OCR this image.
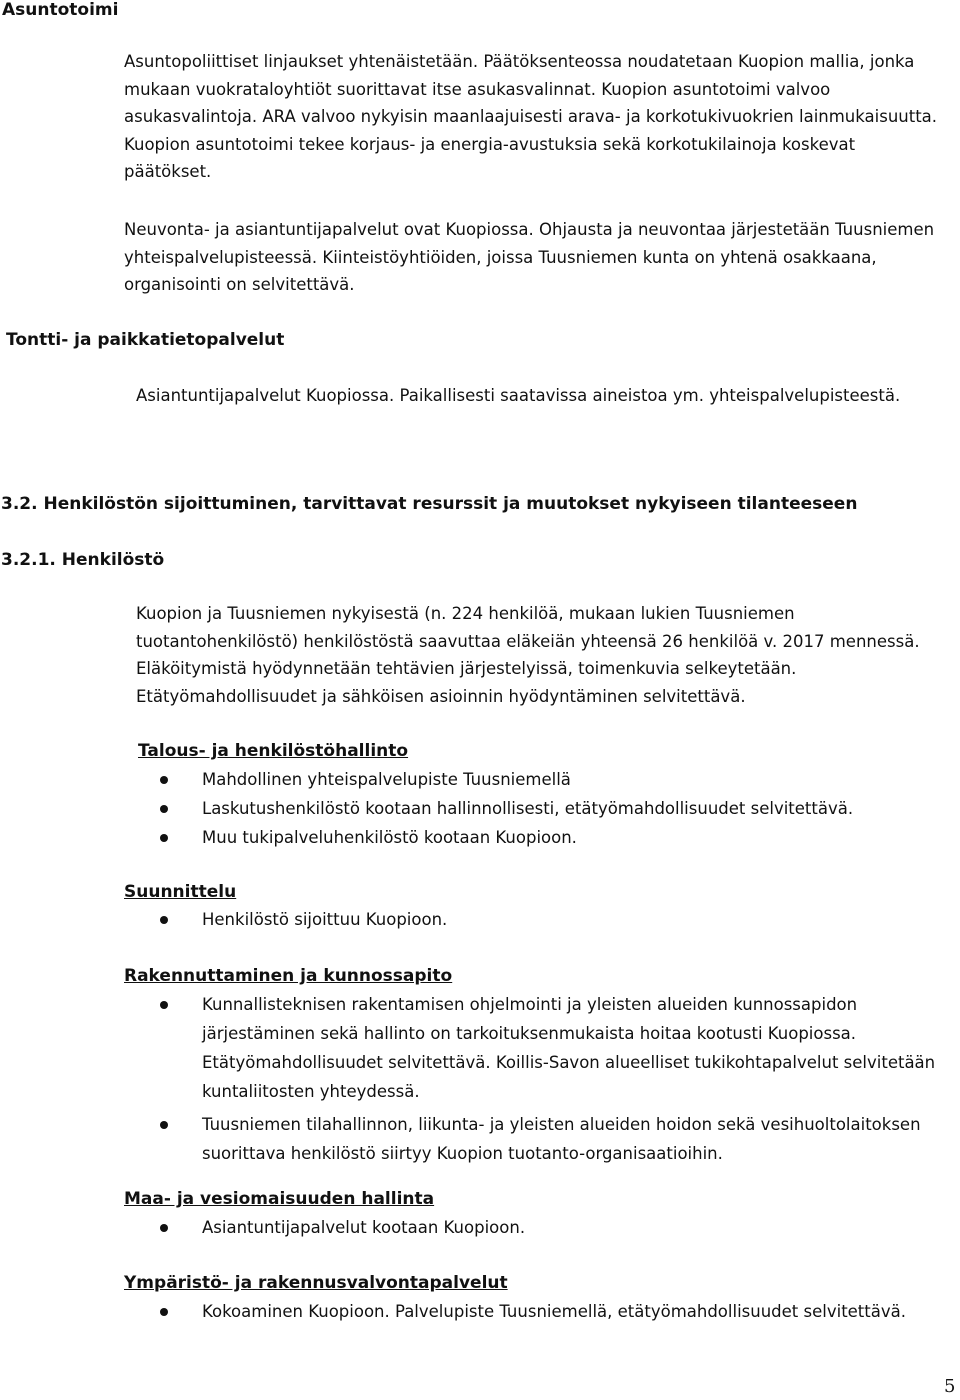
Asuntotoimi
Asuntopoliittiset linjaukset yhtenäistetään. Päätöksenteossa noudatetaan Kuopion mallia, jonka mukaan vuokrataloyhtiöt suorittavat itse asukasvalinnat. Kuopion asuntotoimi valvoo asukasvalintoja. ARA valvoo nykyisin maanlaajuisesti arava- ja korkotukivuokrien lainmukaisuutta. Kuopion asuntotoimi tekee korjaus- ja energia-avustuksia sekä korkotukilainoja koskevat päätökset.
Neuvonta- ja asiantuntijapalvelut ovat Kuopiossa. Ohjausta ja neuvontaa järjestetään Tuusniemen yhteispalvelupisteessä. Kiinteistöyhtiöiden, joissa Tuusniemen kunta on yhtenä osakkaana, organisointi on selvitettävä.
Tontti- ja paikkatietopalvelut
Asiantuntijapalvelut Kuopiossa. Paikallisesti saatavissa aineistoa ym. yhteispalvelupisteestä.
3.2. Henkilöstön sijoittuminen, tarvittavat resurssit ja muutokset nykyiseen tilanteeseen
3.2.1. Henkilöstö
Kuopion ja Tuusniemen nykyisestä (n. 224 henkilöä, mukaan lukien Tuusniemen tuotantohenkilöstö) henkilöstöstä saavuttaa eläkeiän yhteensä 26 henkilöä v. 2017 mennessä. Eläköitymistä hyödynnetään tehtävien järjestelyissä, toimenkuvia selkeytetään. Etätyömahdollisuudet ja sähköisen asioinnin hyödyntäminen selvitettävä.
Talous- ja henkilöstöhallinto
Mahdollinen yhteispalvelupiste Tuusniemellä
Laskutushenkilöstö kootaan hallinnollisesti, etätyömahdollisuudet selvitettävä.
Muu tukipalveluhenkilöstö kootaan Kuopioon.
Suunnittelu
Henkilöstö sijoittuu Kuopioon.
Rakennuttaminen ja kunnossapito
Kunnallisteknisen rakentamisen ohjelmointi ja yleisten alueiden kunnossapidon järjestäminen sekä hallinto on tarkoituksenmukaista hoitaa kootusti Kuopiossa. Etätyömahdollisuudet selvitettävä. Koillis-Savon alueelliset tukikohtapalvelut selvitetään kuntaliitosten yhteydessä.
Tuusniemen tilahallinnon, liikunta- ja yleisten alueiden hoidon sekä vesihuoltolaitoksen suorittava henkilöstö siirtyy Kuopion tuotanto-organisaatioihin.
Maa- ja vesiomaisuuden hallinta
Asiantuntijapalvelut kootaan Kuopioon.
Ympäristö- ja rakennusvalvontapalvelut
Kokoaminen Kuopioon. Palvelupiste Tuusniemellä, etätyömahdollisuudet selvitettävä.
5
